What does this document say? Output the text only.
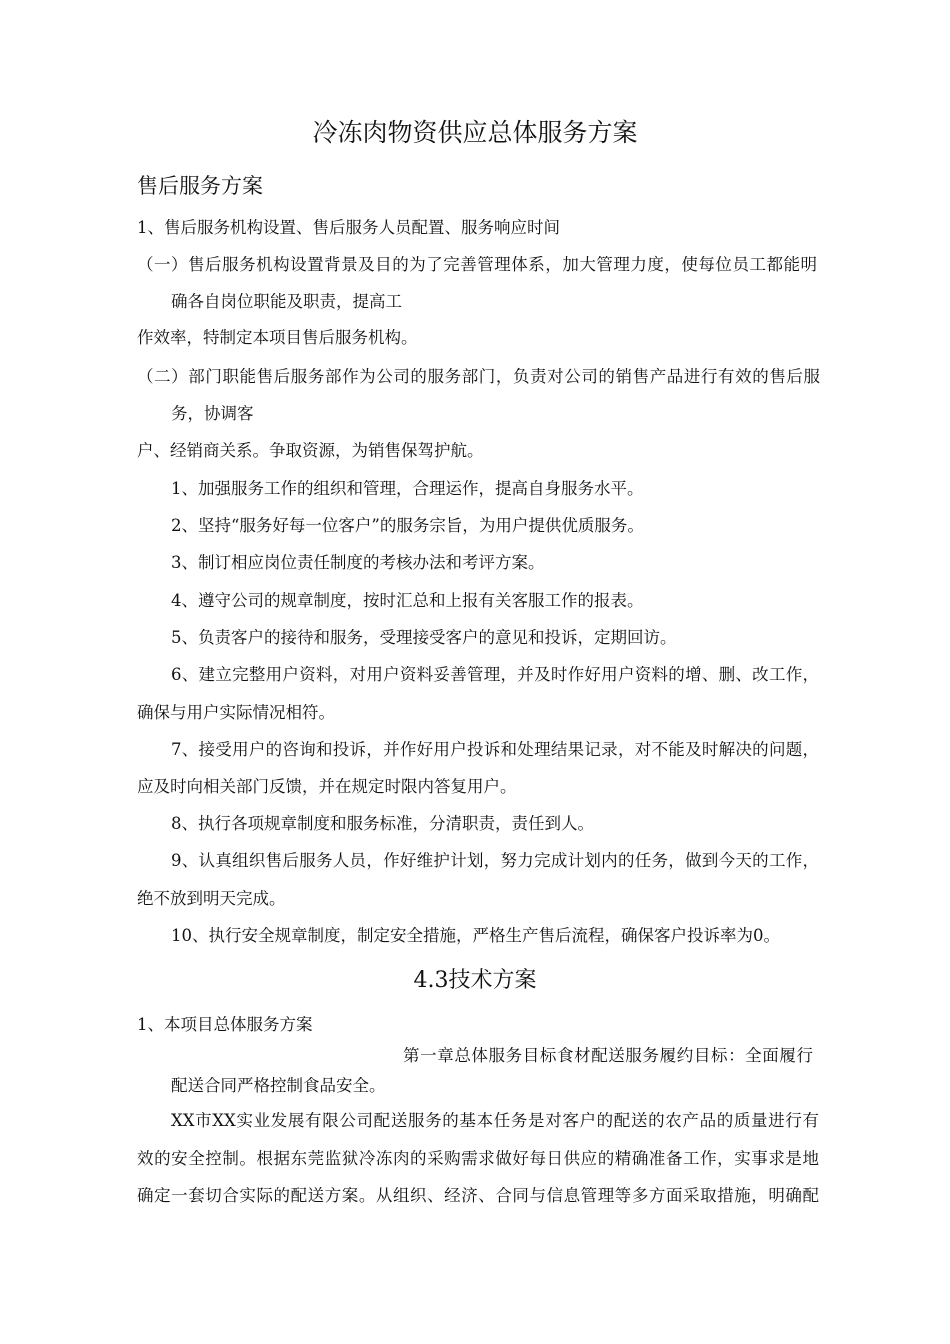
冷冻肉物资供应总体服务方案
售后服务方案
1、售后服务机构设置、售后服务人员配置、服务响应时间
（一）售后服务机构设置背景及目的为了完善管理体系，加大管理力度，使每位员工都能明
确各自岗位职能及职责，提高工
作效率，特制定本项目售后服务机构。
（二）部门职能售后服务部作为公司的服务部门，负责对公司的销售产品进行有效的售后服
务，协调客
户、经销商关系。争取资源，为销售保驾护航。
1、加强服务工作的组织和管理，合理运作，提高自身服务水平。
2、坚持“服务好每一位客户”的服务宗旨，为用户提供优质服务。
3、制订相应岗位责任制度的考核办法和考评方案。
4、遵守公司的规章制度，按时汇总和上报有关客服工作的报表。
5、负责客户的接待和服务，受理接受客户的意见和投诉，定期回访。
6、建立完整用户资料，对用户资料妥善管理，并及时作好用户资料的增、删、改工作，
确保与用户实际情况相符。
7、接受用户的咨询和投诉，并作好用户投诉和处理结果记录，对不能及时解决的问题，
应及时向相关部门反馈，并在规定时限内答复用户。
8、执行各项规章制度和服务标准，分清职责，责任到人。
9、认真组织售后服务人员，作好维护计划，努力完成计划内的任务，做到今天的工作，
绝不放到明天完成。
10、执行安全规章制度，制定安全措施，严格生产售后流程，确保客户投诉率为0。
4.3技术方案
1、本项目总体服务方案
第一章总体服务目标食材配送服务履约目标：全面履行
配送合同严格控制食品安全。
XX市XX实业发展有限公司配送服务的基本任务是对客户的配送的农产品的质量进行有
效的安全控制。根据东莞监狱冷冻肉的采购需求做好每日供应的精确准备工作，实事求是地
确定一套切合实际的配送方案。从组织、经济、合同与信息管理等多方面采取措施，明确配
